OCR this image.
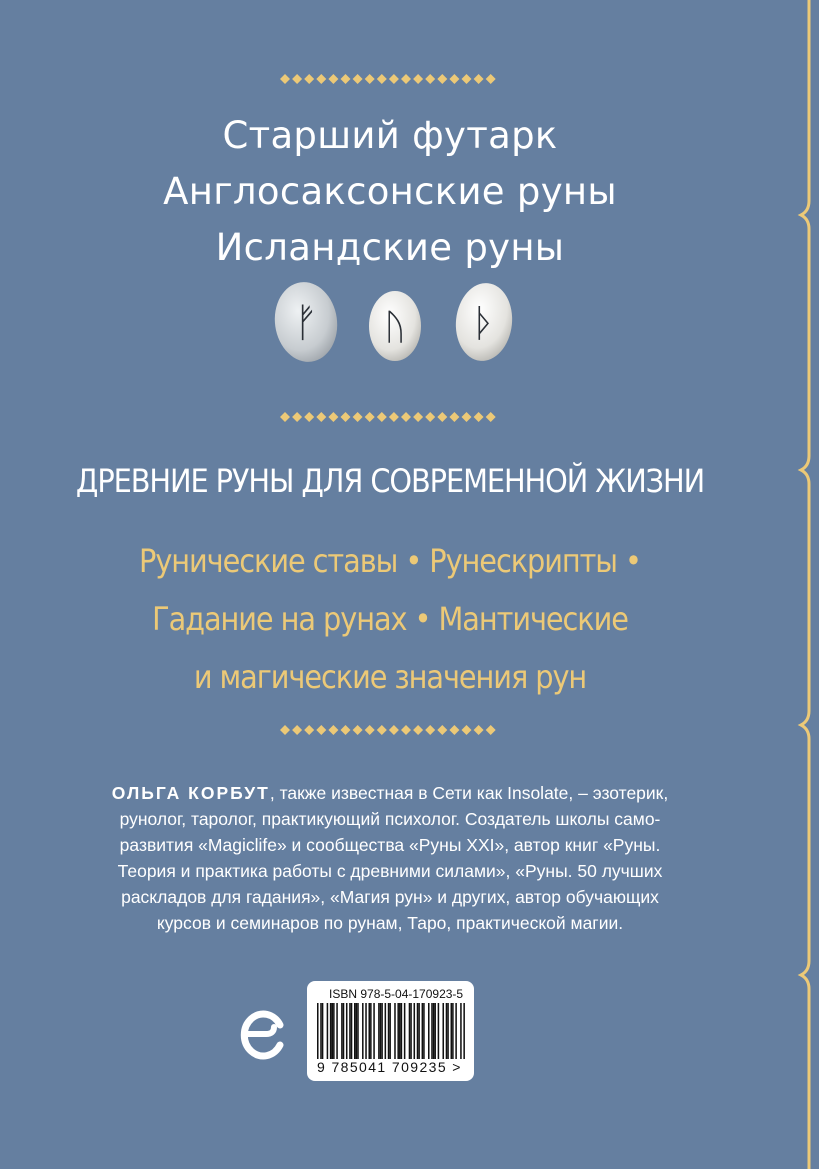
Старший футарк
Англосаксонские руны
Исландские руны
ᚠ ᚢ ᚦ
ДРЕВНИЕ РУНЫ ДЛЯ СОВРЕМЕННОЙ ЖИЗНИ
Рунические ставы • Рунескрипты •
Гадание на рунах • Мантические
и магические значения рун
ОЛЬГА КОРБУТ, также известная в Сети как Insolate, – эзотерик,
рунолог, таролог, практикующий психолог. Создатель школы само-
развития «Magiclife» и сообщества «Руны XXI», автор книг «Руны.
Теория и практика работы с древними силами», «Руны. 50 лучших
раскладов для гадания», «Магия рун» и других, автор обучающих
курсов и семинаров по рунам, Таро, практической магии.
ISBN 978-5-04-170923-5
9 785041 709235 >
